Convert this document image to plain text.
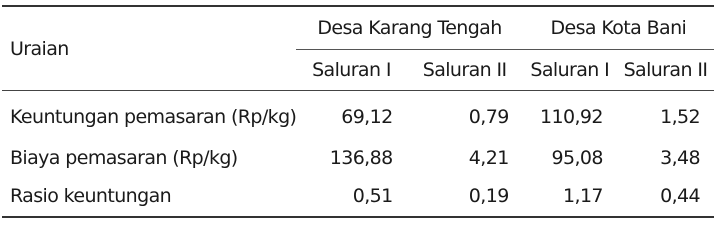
Uraian	Desa Karang Tengah		Desa Kota Bani	
	Saluran I	Saluran II	Saluran I	Saluran II
Keuntungan pemasaran (Rp/kg)	69,12	0,79	110,92	1,52
Biaya pemasaran (Rp/kg)	136,88	4,21	95,08	3,48
Rasio keuntungan	0,51	0,19	1,17	0,44
